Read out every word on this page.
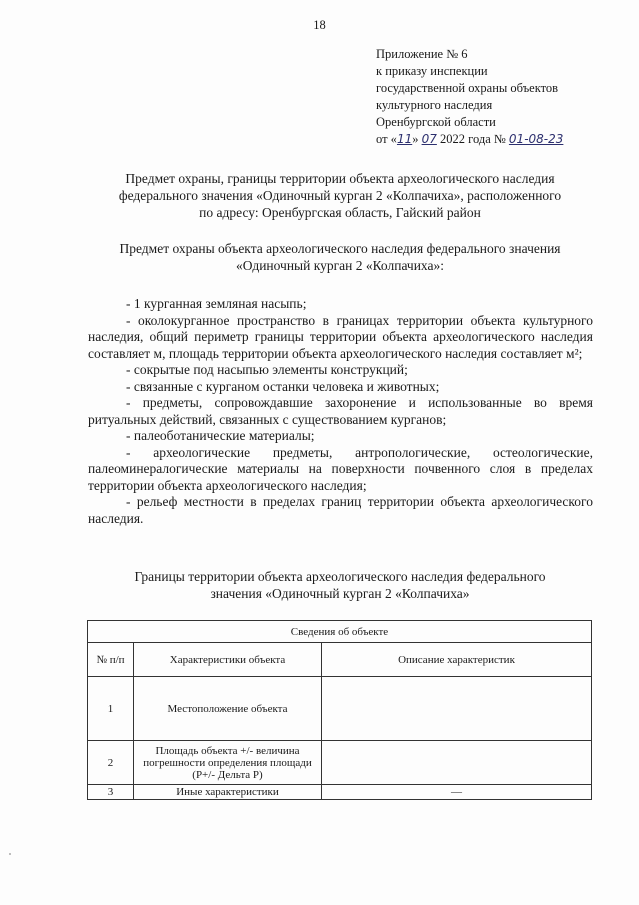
18
Приложение № 6
к приказу инспекции
государственной охраны объектов
культурного наследия
Оренбургской области
от «11» 07 2022 года № 01-08-23
Предмет охраны, границы территории объекта археологического наследия
федерального значения «Одиночный курган 2 «Колпачиха», расположенного
по адресу: Оренбургская область, Гайский район
Предмет охраны объекта археологического наследия федерального значения
«Одиночный курган 2 «Колпачиха»:

- 1 курганная земляная насыпь;

- околокурганное пространство в границах территории объекта культурного наследия, общий периметр границы территории объекта археологического наследия составляет м, площадь территории объекта археологического наследия составляет м²;

- сокрытые под насыпью элементы конструкций;

- связанные с курганом останки человека и животных;

- предметы, сопровождавшие захоронение и использованные во время ритуальных действий, связанных с существованием курганов;

- палеоботанические материалы;

- археологические предметы, антропологические, остеологические, палеоминералогические материалы на поверхности почвенного слоя в пределах территории объекта археологического наследия;

- рельеф местности в пределах границ территории объекта археологического наследия.

Границы территории объекта археологического наследия федерального
значения «Одиночный курган 2 «Колпачиха»
Сведения об объекте		
№ п/п	Характеристики объекта	Описание характеристик
1	Местоположение объекта	
2	Площадь объекта +/- величина погрешности определения площади (P+/- Дельта P)	
3	Иные характеристики	—
